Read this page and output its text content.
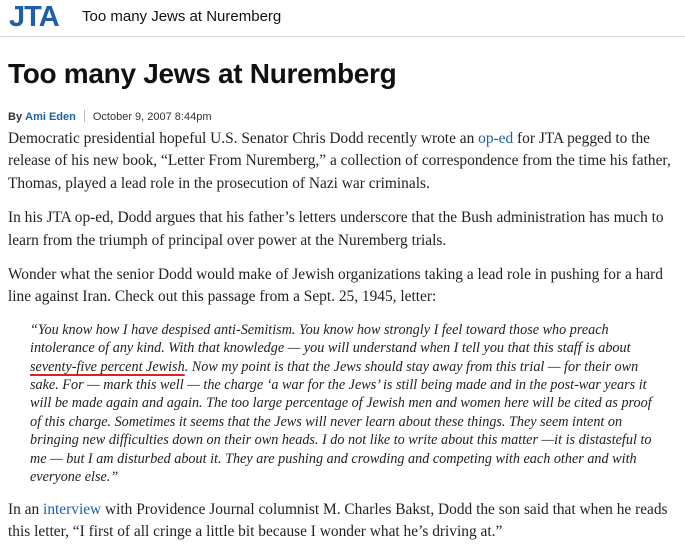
JTA Too many Jews at Nuremberg
Too many Jews at Nuremberg
By Ami Eden October 9, 2007 8:44pm

Democratic presidential hopeful U.S. Senator Chris Dodd recently wrote an op-ed for JTA pegged to the release of his new book, “Letter From Nuremberg,” a collection of correspondence from the time his father, Thomas, played a lead role in the prosecution of Nazi war criminals.

In his JTA op-ed, Dodd argues that his father’s letters underscore that the Bush administration has much to learn from the triumph of principal over power at the Nuremberg trials.

Wonder what the senior Dodd would make of Jewish organizations taking a lead role in pushing for a hard line against Iran. Check out this passage from a Sept. 25, 1945, letter:

“You know how I have despised anti-Semitism. You know how strongly I feel toward those who preach intolerance of any kind. With that knowledge — you will understand when I tell you that this staff is about seventy-five percent Jewish. Now my point is that the Jews should stay away from this trial — for their own sake. For — mark this well — the charge ‘a war for the Jews’ is still being made and in the post-war years it will be made again and again. The too large percentage of Jewish men and women here will be cited as proof of this charge. Sometimes it seems that the Jews will never learn about these things. They seem intent on bringing new difficulties down on their own heads. I do not like to write about this matter —it is distasteful to me — but I am disturbed about it. They are pushing and crowding and competing with each other and with everyone else.”

In an interview with Providence Journal columnist M. Charles Bakst, Dodd the son said that when he reads this letter, “I first of all cringe a little bit because I wonder what he’s driving at.”
